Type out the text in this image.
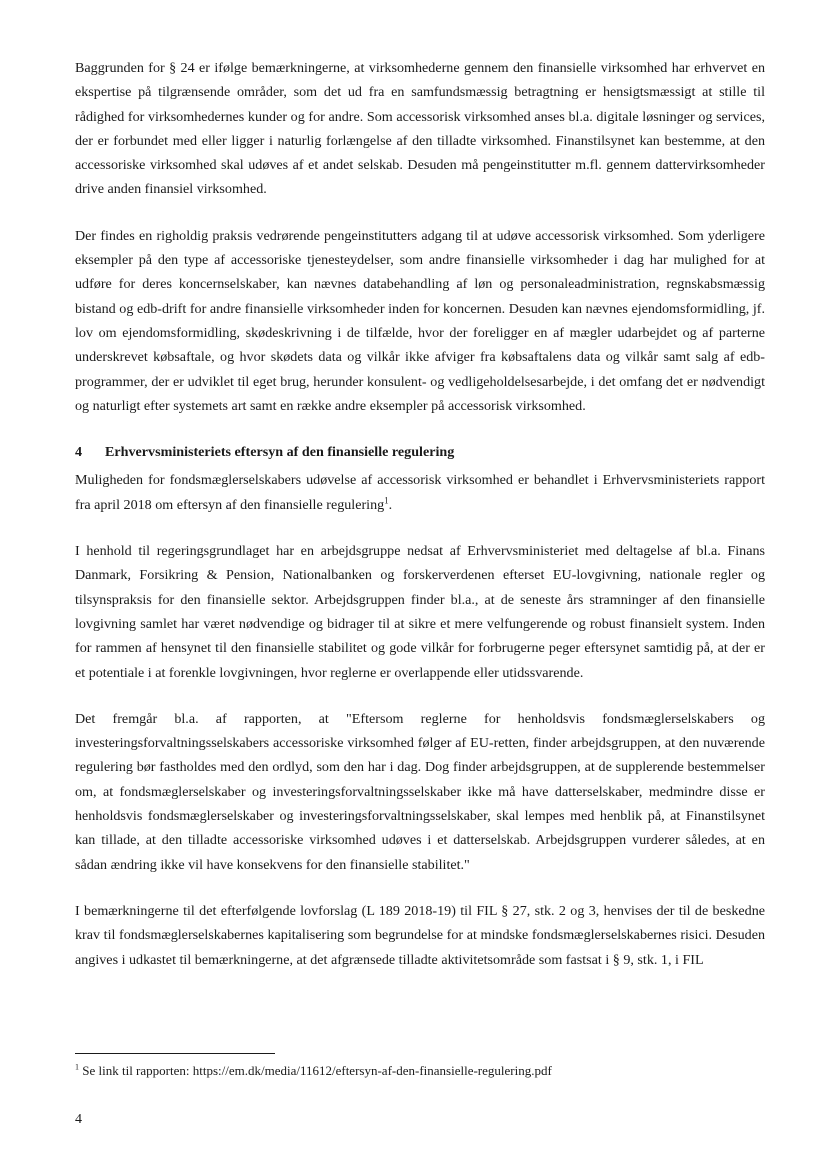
Baggrunden for § 24 er ifølge bemærkningerne, at virksomhederne gennem den finansielle virksomhed har erhvervet en ekspertise på tilgrænsende områder, som det ud fra en samfundsmæssig betragtning er hensigtsmæssigt at stille til rådighed for virksomhedernes kunder og for andre. Som accessorisk virksomhed anses bl.a. digitale løsninger og services, der er forbundet med eller ligger i naturlig forlængelse af den tilladte virksomhed. Finanstilsynet kan bestemme, at den accessoriske virksomhed skal udøves af et andet selskab. Desuden må pengeinstitutter m.fl. gennem dattervirksomheder drive anden finansiel virksomhed.

Der findes en righoldig praksis vedrørende pengeinstitutters adgang til at udøve accessorisk virksomhed. Som yderligere eksempler på den type af accessoriske tjenesteydelser, som andre finansielle virksomheder i dag har mulighed for at udføre for deres koncernselskaber, kan nævnes databehandling af løn og personaleadministration, regnskabsmæssig bistand og edb-drift for andre finansielle virksomheder inden for koncernen. Desuden kan nævnes ejendomsformidling, jf. lov om ejendomsformidling, skødeskrivning i de tilfælde, hvor der foreligger en af mægler udarbejdet og af parterne underskrevet købsaftale, og hvor skødets data og vilkår ikke afviger fra købsaftalens data og vilkår samt salg af edb-programmer, der er udviklet til eget brug, herunder konsulent- og vedligeholdelsesarbejde, i det omfang det er nødvendigt og naturligt efter systemets art samt en række andre eksempler på accessorisk virksomhed.

4	Erhvervsministeriets eftersyn af den finansielle regulering

Muligheden for fondsmæglerselskabers udøvelse af accessorisk virksomhed er behandlet i Erhvervsministeriets rapport fra april 2018 om eftersyn af den finansielle regulering$^1$.

I henhold til regeringsgrundlaget har en arbejdsgruppe nedsat af Erhvervsministeriet med deltagelse af bl.a. Finans Danmark, Forsikring & Pension, Nationalbanken og forskerverdenen efterset EU-lovgivning, nationale regler og tilsynspraksis for den finansielle sektor. Arbejdsgruppen finder bl.a., at de seneste års stramninger af den finansielle lovgivning samlet har været nødvendige og bidrager til at sikre et mere velfungerende og robust finansielt system. Inden for rammen af hensynet til den finansielle stabilitet og gode vilkår for forbrugerne peger eftersynet samtidig på, at der er et potentiale i at forenkle lovgivningen, hvor reglerne er overlappende eller utidssvarende.

Det fremgår bl.a. af rapporten, at "Eftersom reglerne for henholdsvis fondsmæglerselskabers og investeringsforvaltningsselskabers accessoriske virksomhed følger af EU-retten, finder arbejdsgruppen, at den nuværende regulering bør fastholdes med den ordlyd, som den har i dag. Dog finder arbejdsgruppen, at de supplerende bestemmelser om, at fondsmæglerselskaber og investeringsforvaltningsselskaber ikke må have datterselskaber, medmindre disse er henholdsvis fondsmæglerselskaber og investeringsforvaltningsselskaber, skal lempes med henblik på, at Finanstilsynet kan tillade, at den tilladte accessoriske virksomhed udøves i et datterselskab. Arbejdsgruppen vurderer således, at en sådan ændring ikke vil have konsekvens for den finansielle stabilitet."

I bemærkningerne til det efterfølgende lovforslag (L 189 2018-19) til FIL § 27, stk. 2 og 3, henvises der til de beskedne krav til fondsmæglerselskabernes kapitalisering som begrundelse for at mindske fondsmæglerselskabernes risici. Desuden angives i udkastet til bemærkningerne, at det afgrænsede tilladte aktivitetsområde som fastsat i § 9, stk. 1, i FIL

$^1$ Se link til rapporten: https://em.dk/media/11612/eftersyn-af-den-finansielle-regulering.pdf
4
